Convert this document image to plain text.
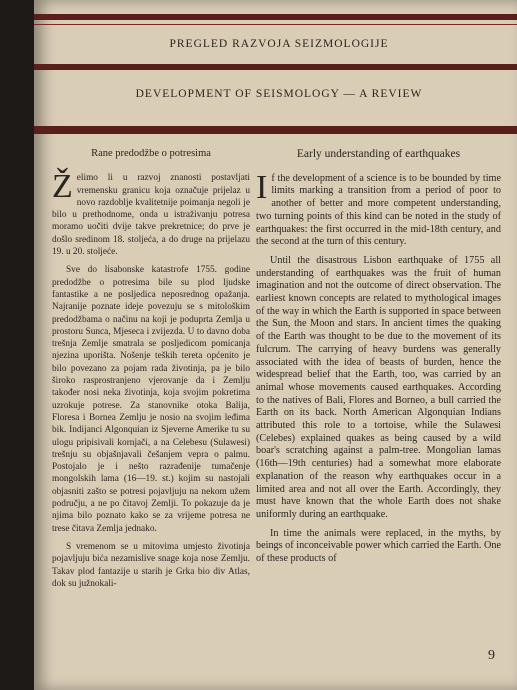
PREGLED RAZVOJA SEIZMOLOGIJE
DEVELOPMENT OF SEISMOLOGY — A REVIEW
Rane predodžbe o potresima

Želimo li u razvoj znanosti postavljati vremensku granicu koja označuje prijelaz u novo razdoblje kvalitetnije poimanja negoli je bilo u prethodnome, onda u istraživanju potresa moramo uočiti dvije takve prekretnice; do prve je došlo sredinom 18. stoljeća, a do druge na prijelazu 19. u 20. stoljeće.

Sve do lisabonske katastrofe 1755. godine predodžbe o potresima bile su plod ljudske fantastike a ne posljedica neposrednog opažanja. Najranije poznate ideje povezuju se s mitološkim predodžbama o načinu na koji je poduprta Zemlja u prostoru Sunca, Mjeseca i zvijezda. U to davno doba trešnja Zemlje smatrala se posljedicom pomicanja njezina uporišta. Nošenje teških tereta općenito je bilo povezano za pojam rada životinja, pa je bilo široko rasprostranjeno vjerovanje da i Zemlju također nosi neka životinja, koja svojim pokretima uzrokuje potrese. Za stanovnike otoka Balija, Floresa i Bornea Zemlju je nosio na svojim leđima bik. Indijanci Algonquian iz Sjeverne Amerike tu su ulogu pripisivali kornjači, a na Celebesu (Sulawesi) trešnju su objašnjavali češanjem vepra o palmu. Postojalo je i nešto razrađenije tumačenje mongolskih lama (16—19. st.) kojim su nastojali objasniti zašto se potresi pojavljuju na nekom užem području, a ne po čitavoj Zemlji. To pokazuje da je njima bilo poznato kako se za vrijeme potresa ne trese čitava Zemlja jednako.

S vremenom se u mitovima umjesto životinja pojavljuju bića nezamislive snage koja nose Zemlju. Takav plod fantazije u starih je Grka bio div Atlas, dok su južnokali-

Early understanding of earthquakes

If the development of a science is to be bounded by time limits marking a transition from a period of poor to another of better and more competent understanding, two turning points of this kind can be noted in the study of earthquakes: the first occurred in the mid-18th century, and the second at the turn of this century.

Until the disastrous Lisbon earthquake of 1755 all understanding of earthquakes was the fruit of human imagination and not the outcome of direct observation. The earliest known concepts are related to mythological images of the way in which the Earth is supported in space between the Sun, the Moon and stars. In ancient times the quaking of the Earth was thought to be due to the movement of its fulcrum. The carrying of heavy burdens was generally associated with the idea of beasts of burden, hence the widespread belief that the Earth, too, was carried by an animal whose movements caused earthquakes. According to the natives of Bali, Flores and Borneo, a bull carried the Earth on its back. North American Algonquian Indians attributed this role to a tortoise, while the Sulawesi (Celebes) explained quakes as being caused by a wild boar's scratching against a palm-tree. Mongolian lamas (16th—19th centuries) had a somewhat more elaborate explanation of the reason why earthquakes occur in a limited area and not all over the Earth. Accordingly, they must have known that the whole Earth does not shake uniformly during an earthquake.

In time the animals were replaced, in the myths, by beings of inconceivable power which carried the Earth. One of these products of

9
